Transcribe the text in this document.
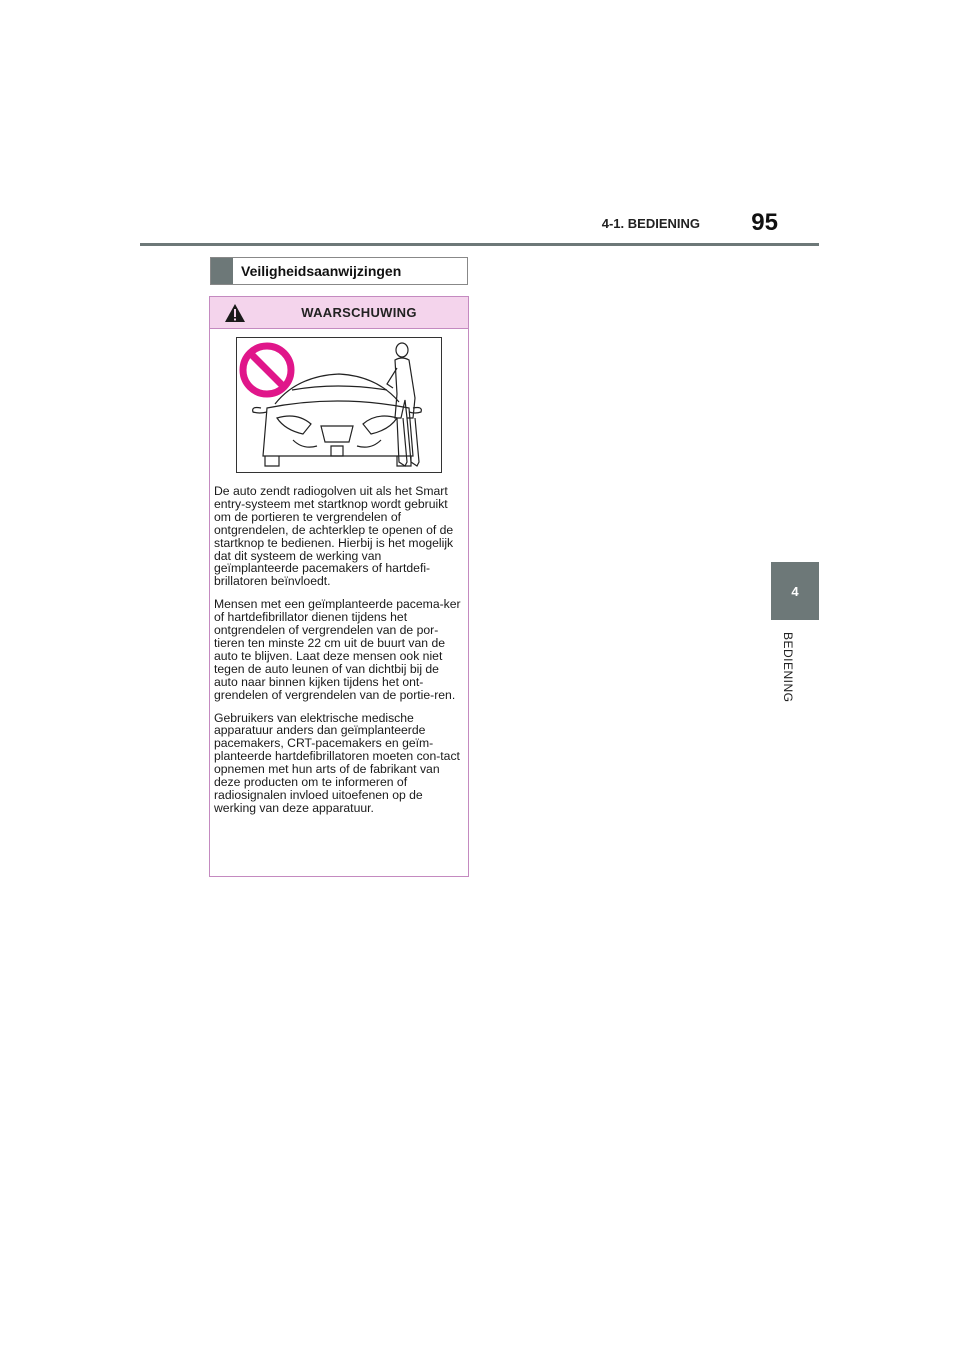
4-1. BEDIENING	95
4
BEDIENING
Veiligheidsaanwijzingen
WAARSCHUWING

De auto zendt radiogolven uit als het Smart entry-systeem met startknop wordt gebruikt om de portieren te vergrendelen of ontgrendelen, de achterklep te openen of de startknop te bedienen. Hierbij is het mogelijk dat dit systeem de werking van geïmplanteerde pacemakers of hartdefi-brillatoren beïnvloedt.

Mensen met een geïmplanteerde pacema-ker of hartdefibrillator dienen tijdens het ontgrendelen of vergrendelen van de por-tieren ten minste 22 cm uit de buurt van de auto te blijven. Laat deze mensen ook niet tegen de auto leunen of van dichtbij bij de auto naar binnen kijken tijdens het ont-grendelen of vergrendelen van de portie-ren.

Gebruikers van elektrische medische apparatuur anders dan geïmplanteerde pacemakers, CRT-pacemakers en geïm-planteerde hartdefibrillatoren moeten con-tact opnemen met hun arts of de fabrikant van deze producten om te informeren of radiosignalen invloed uitoefenen op de werking van deze apparatuur.
